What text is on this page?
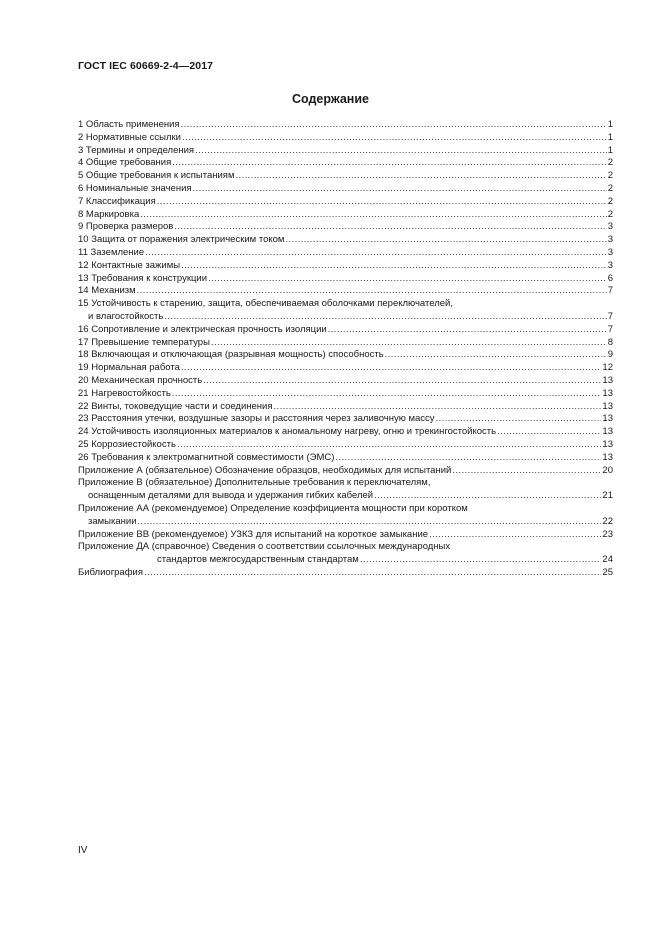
ГОСТ IEC 60669-2-4—2017
Содержание
1 Область применения .....	1
2 Нормативные ссылки .....	1
3 Термины и определения .....	1
4 Общие требования .....	2
5 Общие требования к испытаниям .....	2
6 Номинальные значения .....	2
7 Классификация .....	2
8 Маркировка .....	2
9 Проверка размеров .....	3
10 Защита от поражения электрическим током .....	3
11 Заземление .....	3
12 Контактные зажимы .....	3
13 Требования к конструкции .....	6
14 Механизм .....	7
15 Устойчивость к старению, защита, обеспечиваемая оболочками переключателей,
и влагостойкость .....	7
16 Сопротивление и электрическая прочность изоляции .....	7
17 Превышение температуры .....	8
18 Включающая и отключающая (разрывная мощность) способность .....	9
19 Нормальная работа .....	12
20 Механическая прочность .....	13
21 Нагревостойкость .....	13
22 Винты, токоведущие части и соединения .....	13
23 Расстояния утечки, воздушные зазоры и расстояния через заливочную массу .....	13
24 Устойчивость изоляционных материалов к аномальному нагреву, огню и трекингостойкость .....	13
25 Коррозиестойкость .....	13
26 Требования к электромагнитной совместимости (ЭМС) .....	13
Приложение А (обязательное) Обозначение образцов, необходимых для испытаний .....	20
Приложение В (обязательное) Дополнительные требования к переключателям,
оснащенным деталями для вывода и удержания гибких кабелей .....	21
Приложение АА (рекомендуемое) Определение коэффициента мощности при коротком
замыкании .....	22
Приложение ВВ (рекомендуемое) УЗКЗ для испытаний на короткое замыкание .....	23
Приложение ДА (справочное) Сведения о соответствии ссылочных международных
стандартов межгосударственным стандартам .....	24
Библиография .....	25
IV
